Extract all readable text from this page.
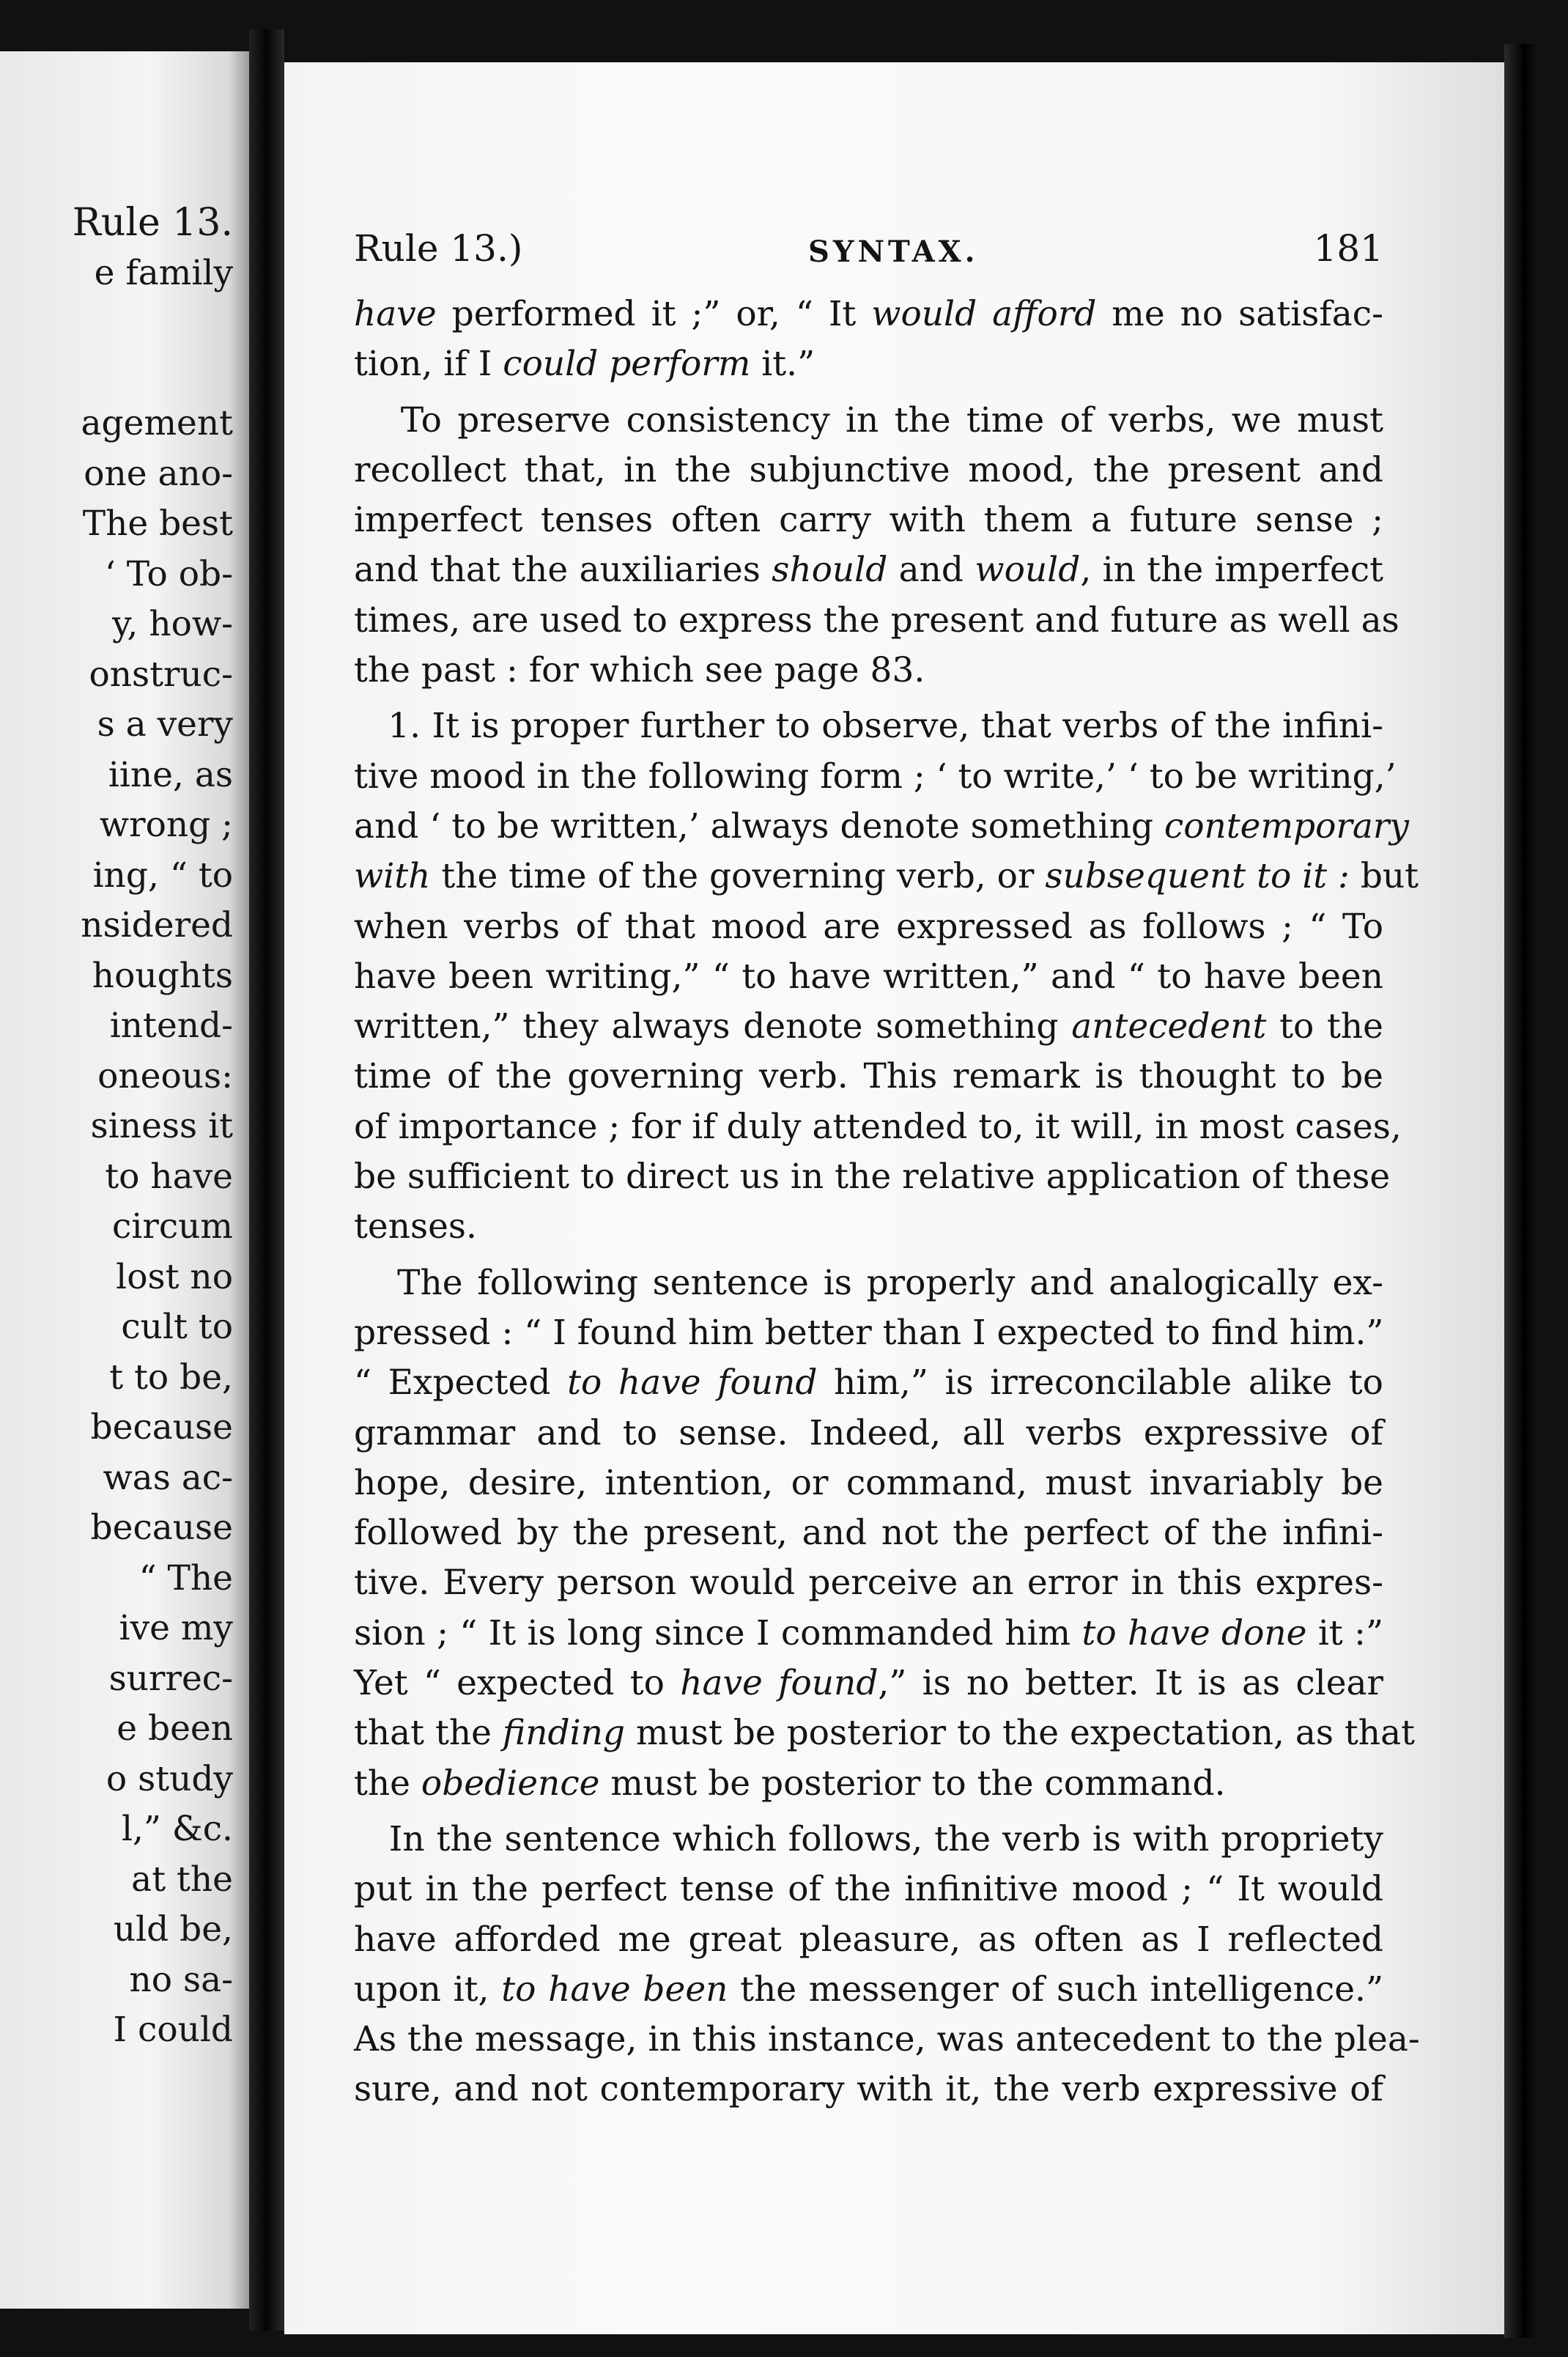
Rule 13.
e family
agement
one ano-
The best
‘ To ob-
y, how-
onstruc-
s a very
iine, as
wrong ;
ing, “ to
nsidered
houghts
intend-
oneous:
siness it
to have
circum
lost no
cult to
t to be,
because
was ac-
because
“ The
ive my
surrec-
e been
o study
l,” &c.
at the
uld be,
no sa-
I could
Rule 13.)	SYNTAX.	181
have performed it ;” or, “ It would afford me no satisfac-
tion, if I could perform it.”
To preserve consistency in the time of verbs, we must
recollect that, in the subjunctive mood, the present and
imperfect tenses often carry with them a future sense ;
and that the auxiliaries should and would, in the imperfect
times, are used to express the present and future as well as
the past : for which see page 83.
1. It is proper further to observe, that verbs of the infini-
tive mood in the following form ; ‘ to write,’ ‘ to be writing,’
and ‘ to be written,’ always denote something contemporary
with the time of the governing verb, or subsequent to it : but
when verbs of that mood are expressed as follows ; “ To
have been writing,” “ to have written,” and “ to have been
written,” they always denote something antecedent to the
time of the governing verb. This remark is thought to be
of importance ; for if duly attended to, it will, in most cases,
be sufficient to direct us in the relative application of these
tenses.
The following sentence is properly and analogically ex-
pressed : “ I found him better than I expected to find him.”
“ Expected to have found him,” is irreconcilable alike to
grammar and to sense. Indeed, all verbs expressive of
hope, desire, intention, or command, must invariably be
followed by the present, and not the perfect of the infini-
tive. Every person would perceive an error in this expres-
sion ; “ It is long since I commanded him to have done it :”
Yet “ expected to have found,” is no better. It is as clear
that the finding must be posterior to the expectation, as that
the obedience must be posterior to the command.
In the sentence which follows, the verb is with propriety
put in the perfect tense of the infinitive mood ; “ It would
have afforded me great pleasure, as often as I reflected
upon it, to have been the messenger of such intelligence.”
As the message, in this instance, was antecedent to the plea-
sure, and not contemporary with it, the verb expressive of
